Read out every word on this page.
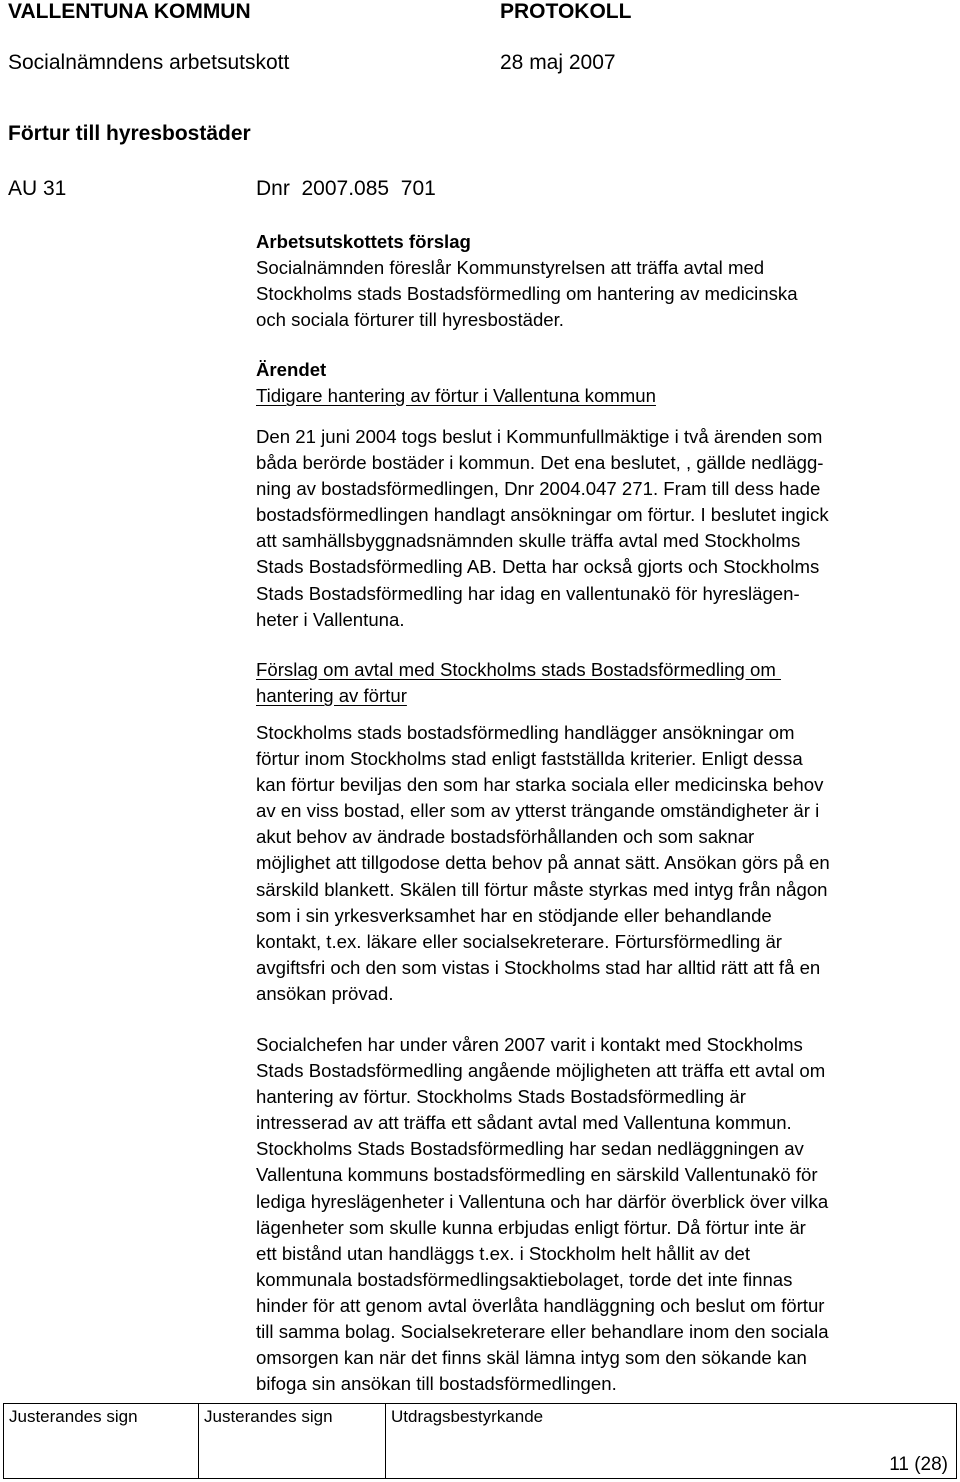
VALLENTUNA KOMMUN	PROTOKOLL
Socialnämndens arbetsutskott	28 maj 2007
Förtur till hyresbostäder
AU 31	Dnr  2007.085  701
Arbetsutskottets förslag
Socialnämnden föreslår Kommunstyrelsen att träffa avtal med
Stockholms stads Bostadsförmedling om hantering av medicinska
och sociala förturer till hyresbostäder.
Ärendet
Tidigare hantering av förtur i Vallentuna kommun
Den 21 juni 2004 togs beslut i Kommunfullmäktige i två ärenden som
båda berörde bostäder i kommun. Det ena beslutet, , gällde nedlägg-
ning av bostadsförmedlingen, Dnr 2004.047 271. Fram till dess hade
bostadsförmedlingen handlagt ansökningar om förtur. I beslutet ingick
att samhällsbyggnadsnämnden skulle träffa avtal med Stockholms
Stads Bostadsförmedling AB. Detta har också gjorts och Stockholms
Stads Bostadsförmedling har idag en vallentunakö för hyreslägen-
heter i Vallentuna.
Förslag om avtal med Stockholms stads Bostadsförmedling om
hantering av förtur
Stockholms stads bostadsförmedling handlägger ansökningar om
förtur inom Stockholms stad enligt fastställda kriterier. Enligt dessa
kan förtur beviljas den som har starka sociala eller medicinska behov
av en viss bostad, eller som av ytterst trängande omständigheter är i
akut behov av ändrade bostadsförhållanden och som saknar
möjlighet att tillgodose detta behov på annat sätt. Ansökan görs på en
särskild blankett. Skälen till förtur måste styrkas med intyg från någon
som i sin yrkesverksamhet har en stödjande eller behandlande
kontakt, t.ex. läkare eller socialsekreterare. Förtursförmedling är
avgiftsfri och den som vistas i Stockholms stad har alltid rätt att få en
ansökan prövad.
Socialchefen har under våren 2007 varit i kontakt med Stockholms
Stads Bostadsförmedling angående möjligheten att träffa ett avtal om
hantering av förtur. Stockholms Stads Bostadsförmedling är
intresserad av att träffa ett sådant avtal med Vallentuna kommun.
Stockholms Stads Bostadsförmedling har sedan nedläggningen av
Vallentuna kommuns bostadsförmedling en särskild Vallentunakö för
lediga hyreslägenheter i Vallentuna och har därför överblick över vilka
lägenheter som skulle kunna erbjudas enligt förtur. Då förtur inte är
ett bistånd utan handläggs t.ex. i Stockholm helt hållit av det
kommunala bostadsförmedlingsaktiebolaget, torde det inte finnas
hinder för att genom avtal överlåta handläggning och beslut om förtur
till samma bolag. Socialsekreterare eller behandlare inom den sociala
omsorgen kan när det finns skäl lämna intyg som den sökande kan
bifoga sin ansökan till bostadsförmedlingen.
Justerandes sign	Justerandes sign	Utdragsbestyrkande
11 (28)
